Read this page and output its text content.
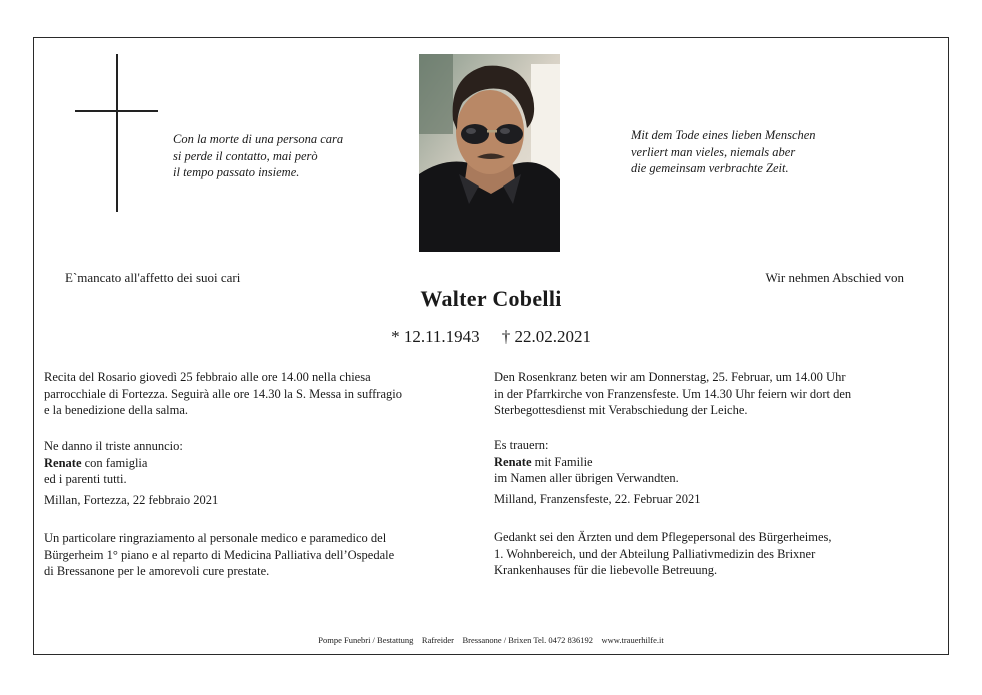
Con la morte di una persona cara
si perde il contatto, mai però
il tempo passato insieme.
Mit dem Tode eines lieben Menschen
verliert man vieles, niemals aber
die gemeinsam verbrachte Zeit.
E`mancato all'affetto dei suoi cari	Wir nehmen Abschied von
Walter Cobelli
* 12.11.1943 † 22.02.2021
Recita del Rosario giovedì 25 febbraio alle ore 14.00 nella chiesa
parrocchiale di Fortezza. Seguirà alle ore 14.30 la S. Messa in suffragio
e la benedizione della salma.
Ne danno il triste annuncio:
Renate con famiglia
ed i parenti tutti.
Millan, Fortezza, 22 febbraio 2021
Un particolare ringraziamento al personale medico e paramedico del
Bürgerheim 1° piano e al reparto di Medicina Palliativa dell’Ospedale
di Bressanone per le amorevoli cure prestate.
Den Rosenkranz beten wir am Donnerstag, 25. Februar, um 14.00 Uhr
in der Pfarrkirche von Franzensfeste. Um 14.30 Uhr feiern wir dort den
Sterbegottesdienst mit Verabschiedung der Leiche.
Es trauern:
Renate mit Familie
im Namen aller übrigen Verwandten.
Milland, Franzensfeste, 22. Februar 2021
Gedankt sei den Ärzten und dem Pflegepersonal des Bürgerheimes,
1. Wohnbereich, und der Abteilung Palliativmedizin des Brixner
Krankenhauses für die liebevolle Betreuung.
Pompe Funebri / Bestattung    Rafreider    Bressanone / Brixen Tel. 0472 836192    www.trauerhilfe.it
